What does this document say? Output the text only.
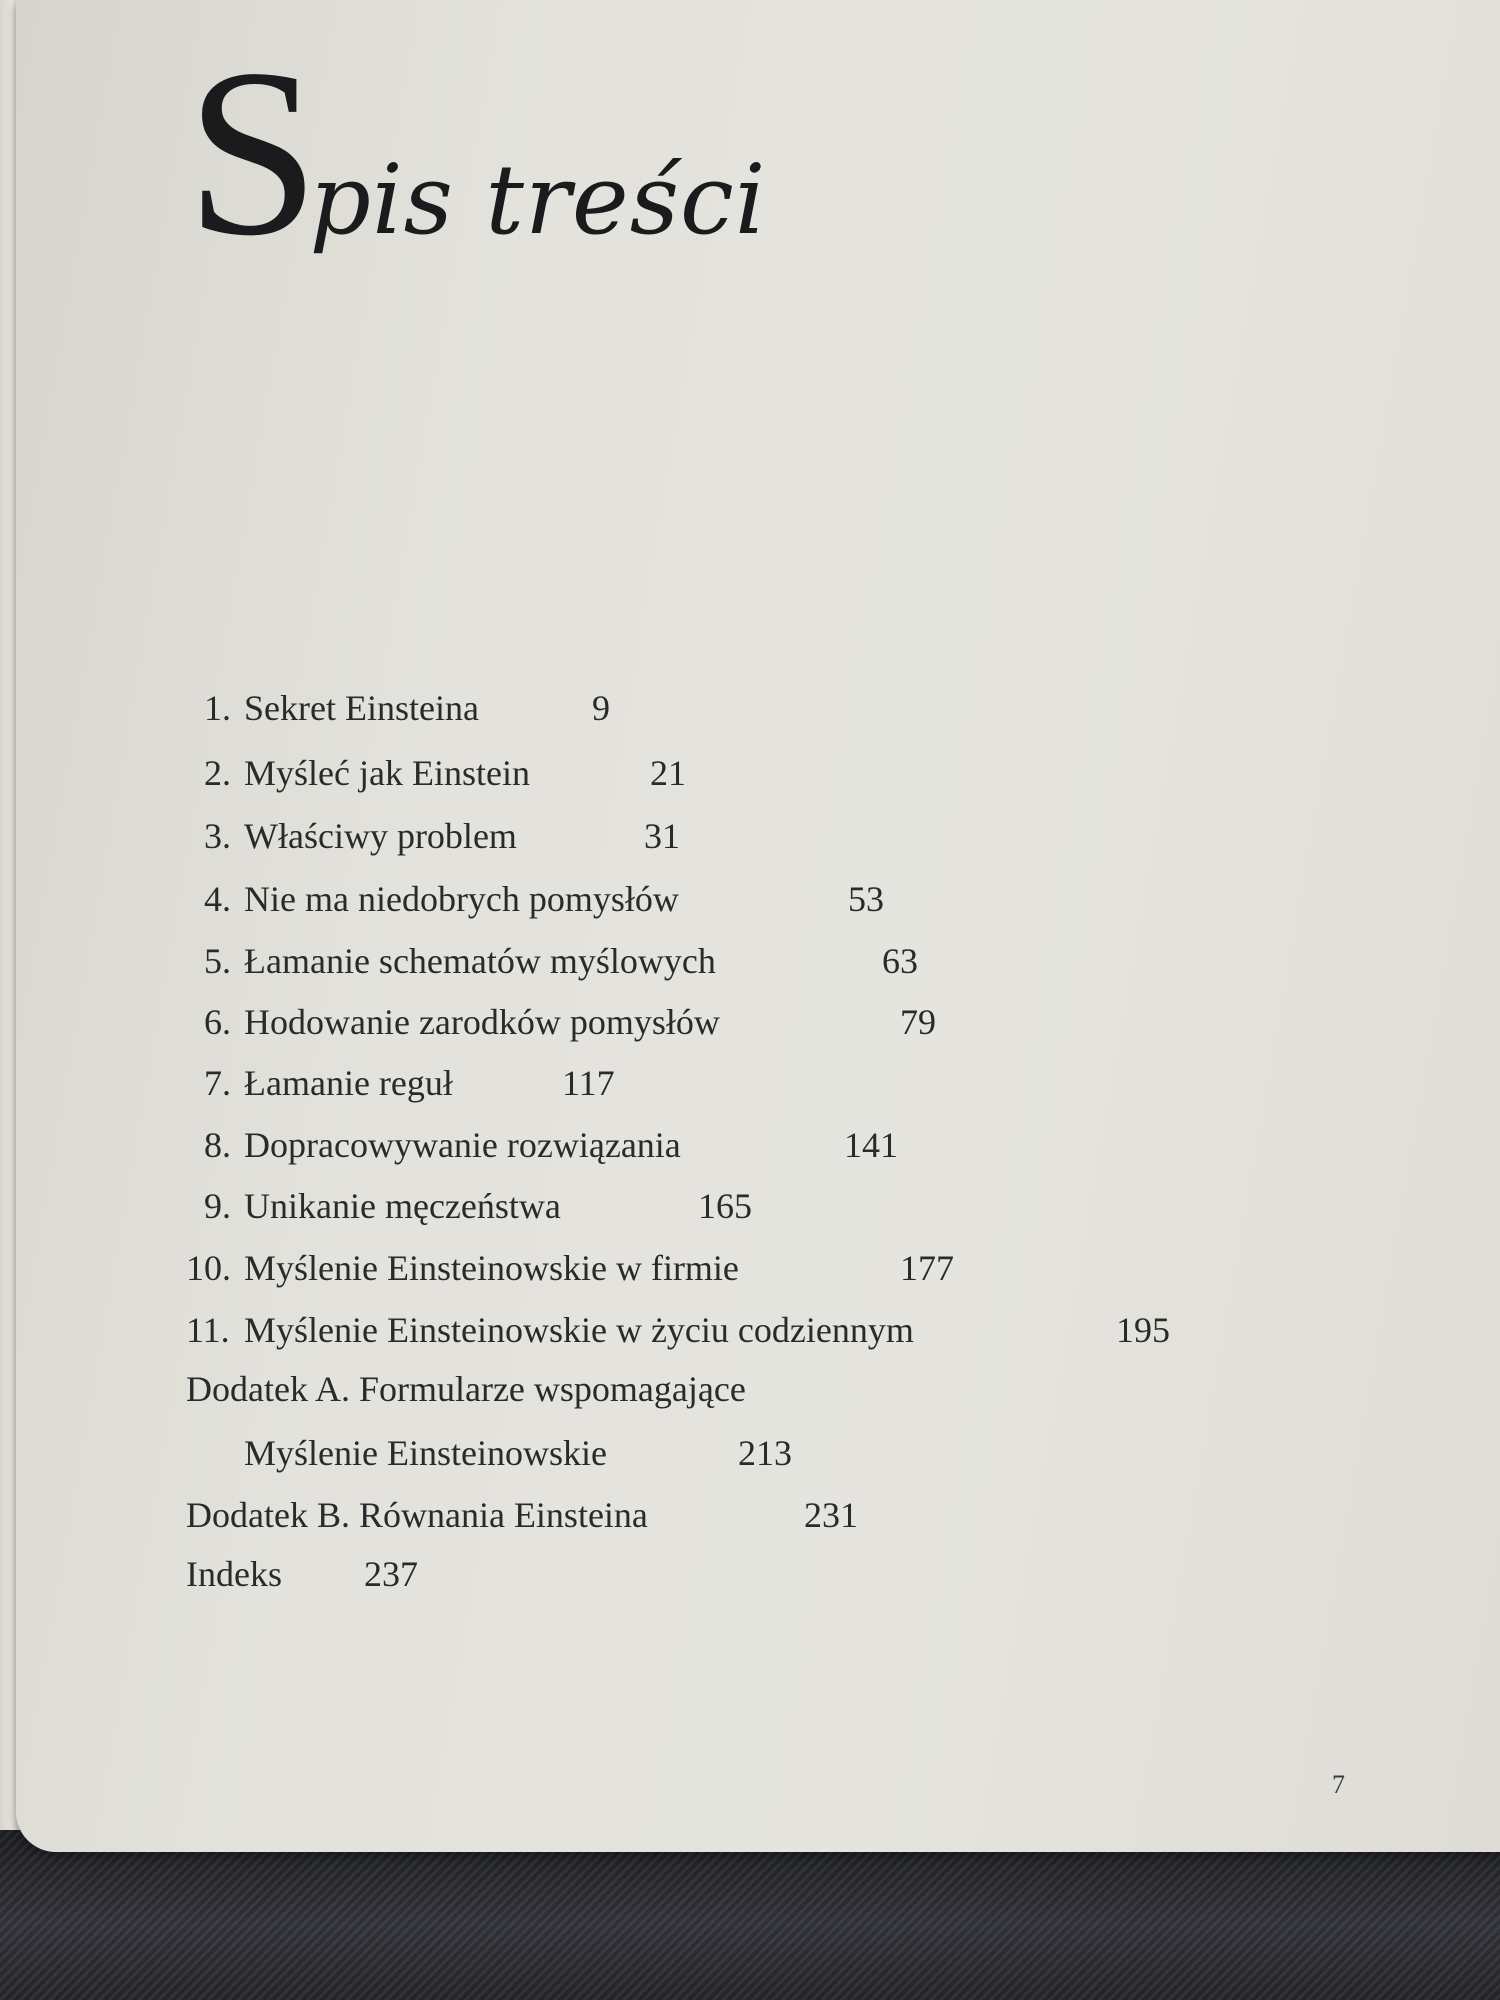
Spis treści
1. Sekret Einsteina	9
2. Myśleć jak Einstein	21
3. Właściwy problem	31
4. Nie ma niedobrych pomysłów	53
5. Łamanie schematów myślowych	63
6. Hodowanie zarodków pomysłów	79
7. Łamanie reguł	117
8. Dopracowywanie rozwiązania	141
9. Unikanie męczeństwa	165
10. Myślenie Einsteinowskie w firmie	177
11. Myślenie Einsteinowskie w życiu codziennym	195
Dodatek A. Formularze wspomagające
Myślenie Einsteinowskie	213
Dodatek B. Równania Einsteina	231
Indeks 237
7
